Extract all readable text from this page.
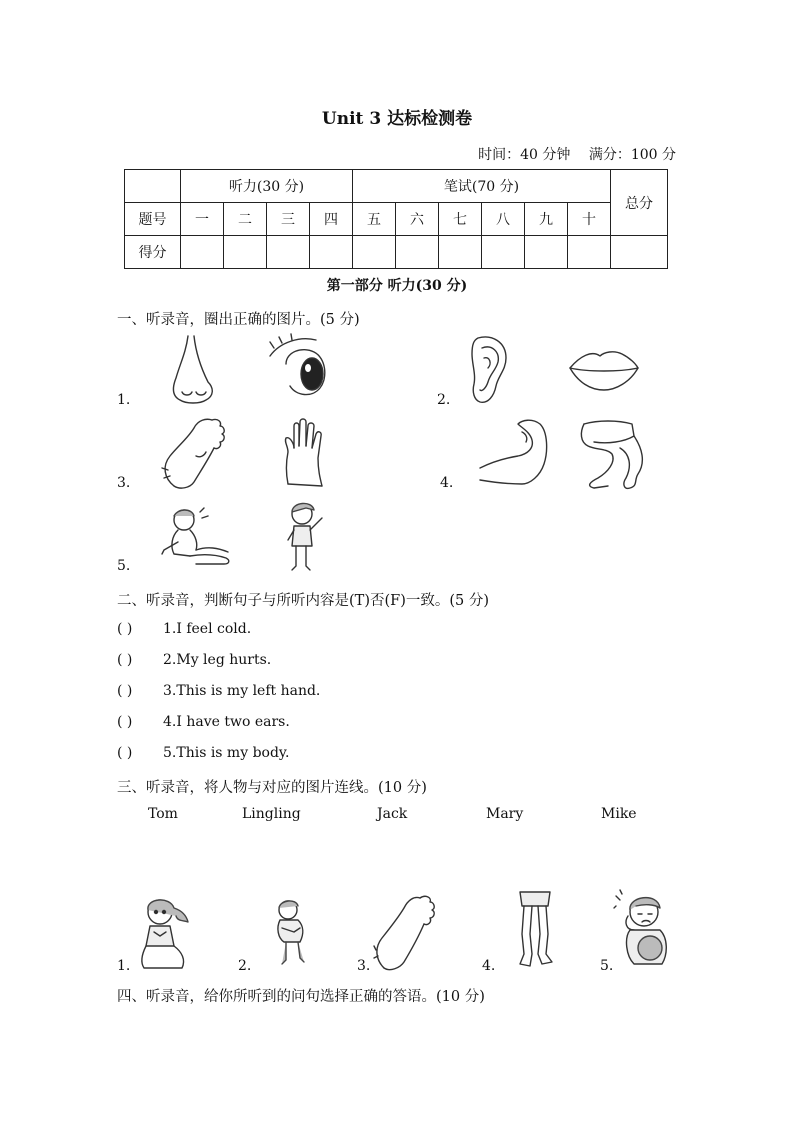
Unit 3 达标检测卷
时间：40 分钟 满分：100 分
	听力(30 分)				笔试(70 分)						总分
题号	一	二	三	四	五	六	七	八	九	十	
得分											
第一部分 听力(30 分)
一、听录音，圈出正确的图片。(5 分)
1.	2.
3.	4.
5.
二、听录音，判断句子与所听内容是(T)否(F)一致。(5 分)
( ) 1.I feel cold.
( ) 2.My leg hurts.
( ) 3.This is my left hand.
( ) 4.I have two ears.
( ) 5.This is my body.
三、听录音，将人物与对应的图片连线。(10 分)
Tom	Lingling	Jack	Mary	Mike
1.	2.	3.	4.	5.
四、听录音，给你所听到的问句选择正确的答语。(10 分)
